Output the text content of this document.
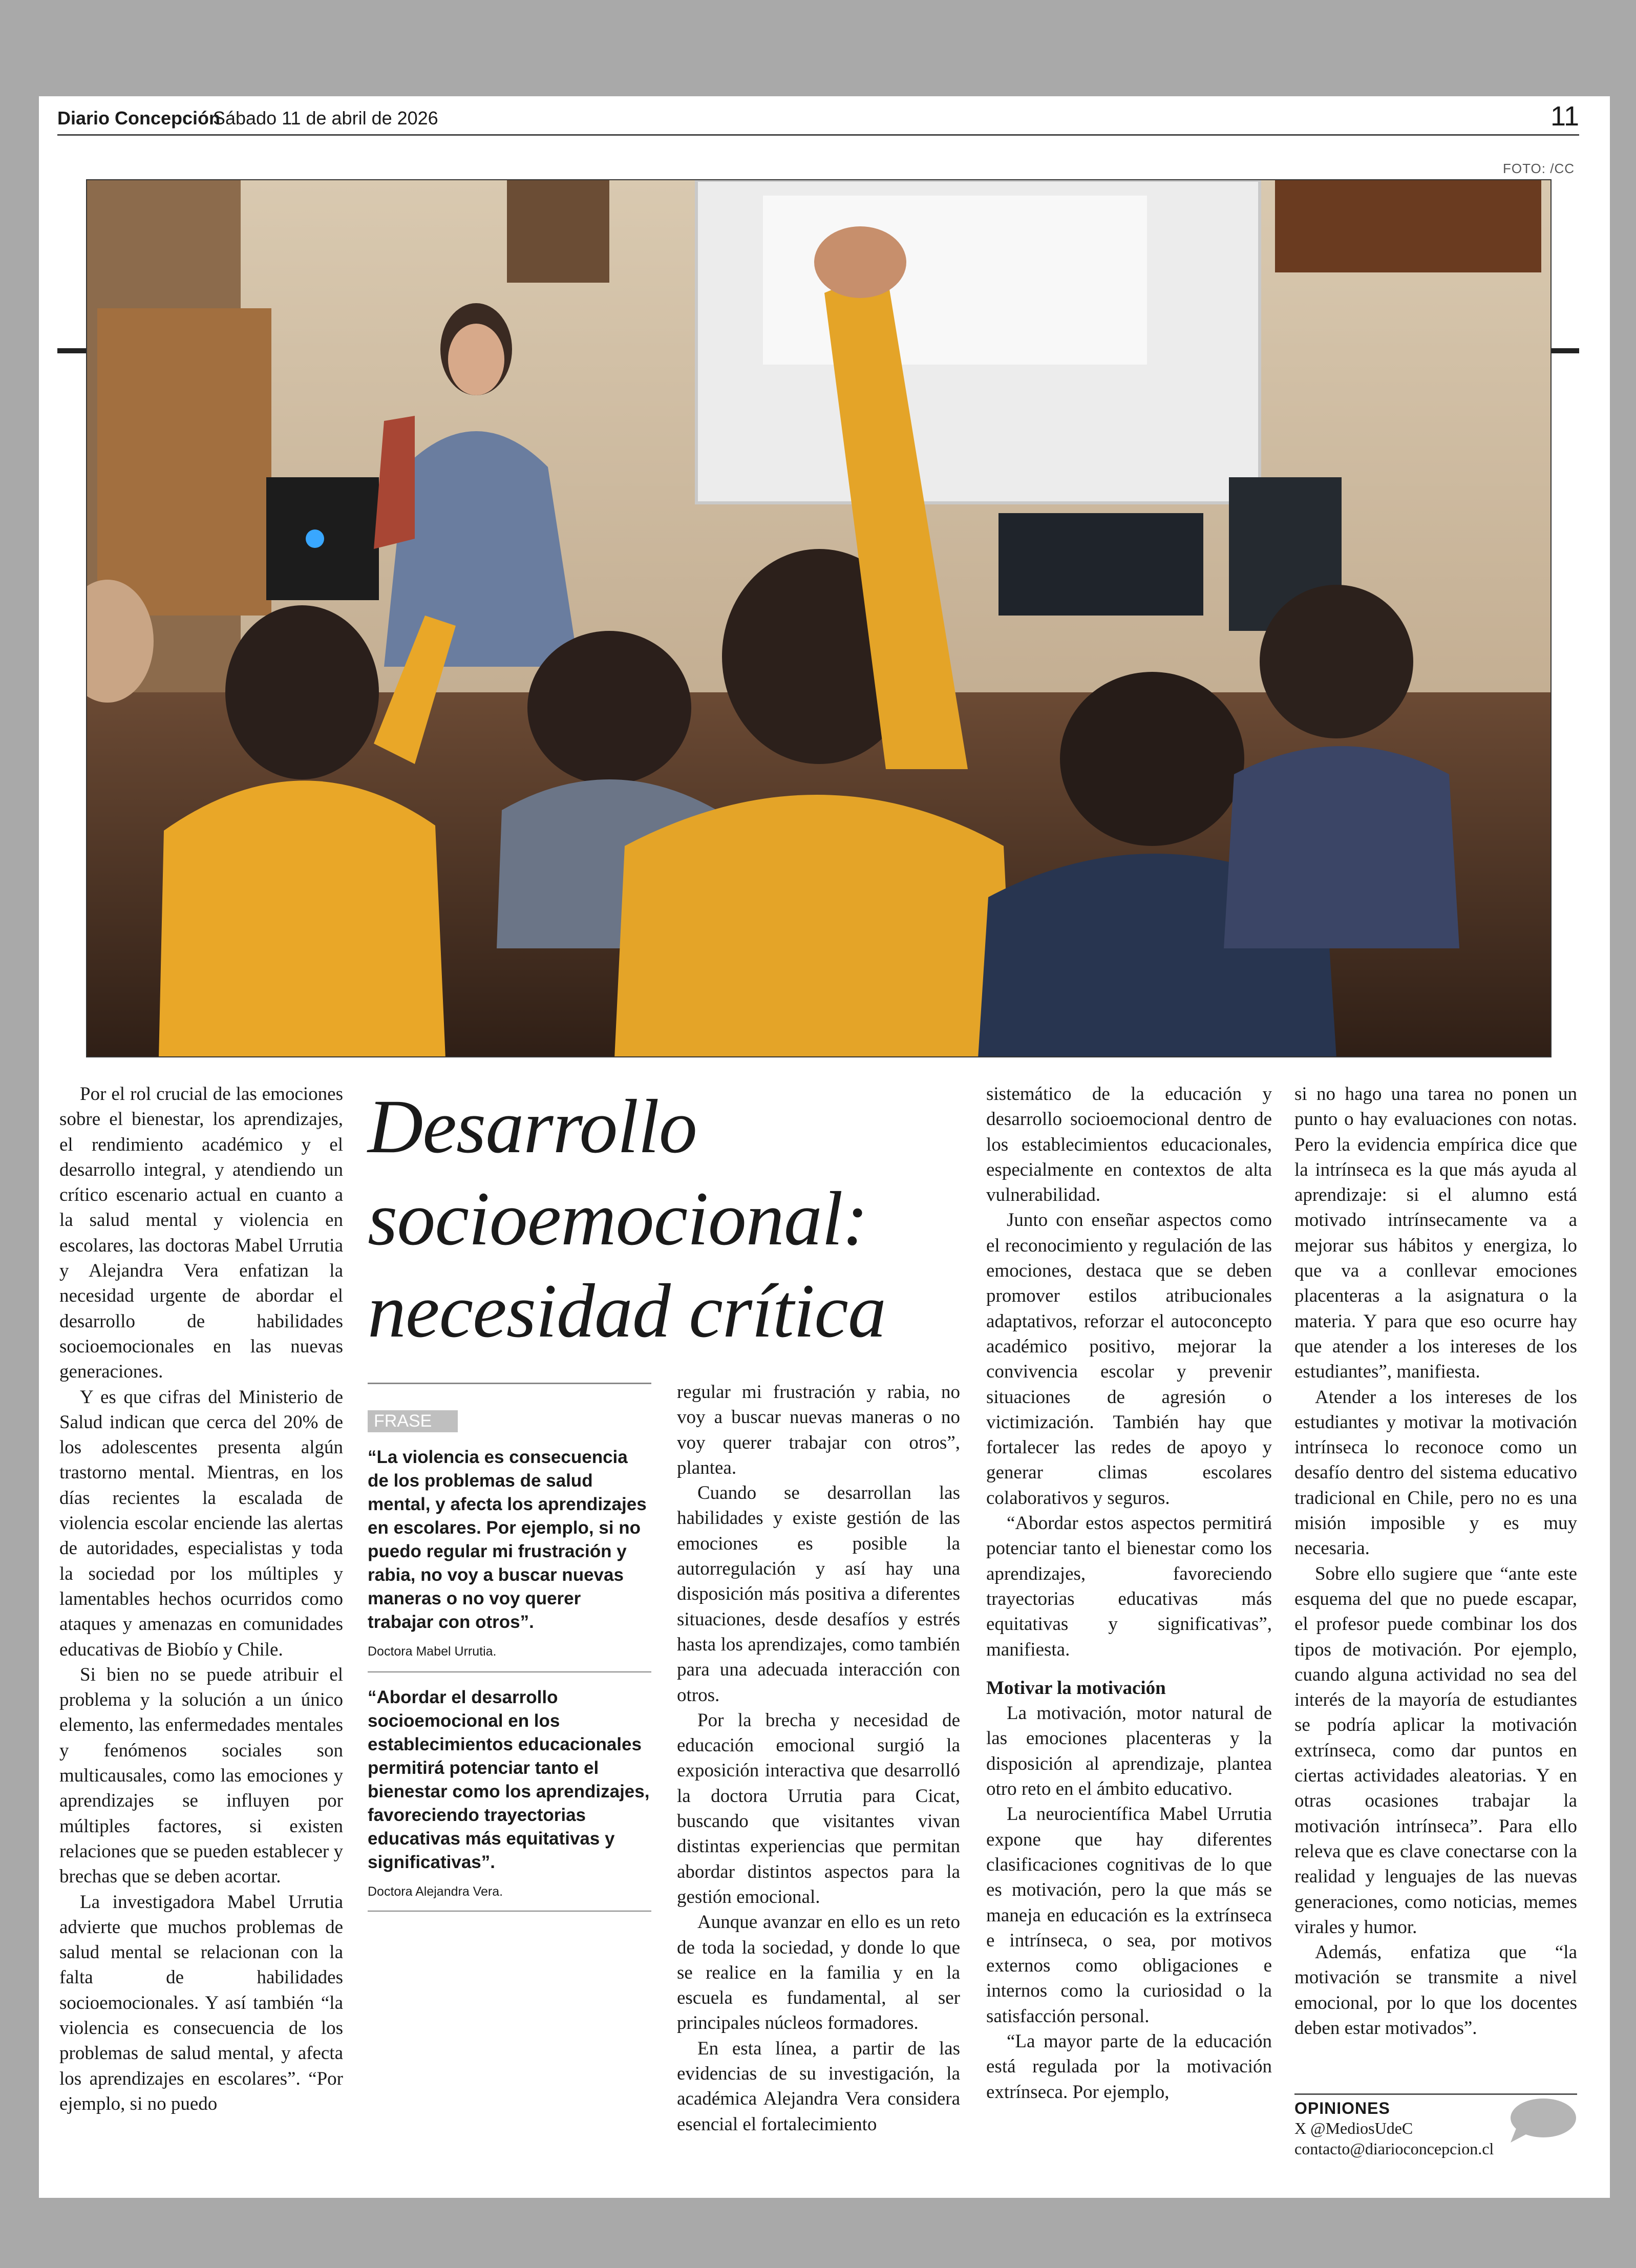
Diario Concepción
Sábado 11 de abril de 2026	11
FOTO: /CC

Por el rol crucial de las emociones sobre el bienestar, los aprendizajes, el rendimiento académico y el desarrollo integral, y atendiendo un crítico escenario actual en cuanto a la salud mental y violencia en escolares, las doctoras Mabel Urrutia y Alejandra Vera enfatizan la necesidad urgente de abordar el desarrollo de habilidades socioemocionales en las nuevas generaciones.

Y es que cifras del Ministerio de Salud indican que cerca del 20% de los adolescentes presenta algún trastorno mental. Mientras, en los días recientes la escalada de violencia escolar enciende las alertas de autoridades, especialistas y toda la sociedad por los múltiples y lamentables hechos ocurridos como ataques y amenazas en comunidades educativas de Biobío y Chile.

Si bien no se puede atribuir el problema y la solución a un único elemento, las enfermedades mentales y fenómenos sociales son multicausales, como las emociones y aprendizajes se influyen por múltiples factores, si existen relaciones que se pueden establecer y brechas que se deben acortar.

La investigadora Mabel Urrutia advierte que muchos problemas de salud mental se relacionan con la falta de habilidades socioemocionales. Y así también “la violencia es consecuencia de los problemas de salud mental, y afecta los aprendizajes en escolares”. “Por ejemplo, si no puedo

Desarrollo socioemocional: necesidad crítica
FRASE
“La violencia es consecuencia de los problemas de salud mental, y afecta los aprendizajes en escolares. Por ejemplo, si no puedo regular mi frustración y rabia, no voy a buscar nuevas maneras o no voy querer trabajar con otros”.
Doctora Mabel Urrutia.
“Abordar el desarrollo socioemocional en los establecimientos educacionales permitirá potenciar tanto el bienestar como los aprendizajes, favoreciendo trayectorias educativas más equitativas y significativas”.
Doctora Alejandra Vera.

regular mi frustración y rabia, no voy a buscar nuevas maneras o no voy querer trabajar con otros”, plantea.

Cuando se desarrollan las habilidades y existe gestión de las emociones es posible la autorregulación y así hay una disposición más positiva a diferentes situaciones, desde desafíos y estrés hasta los aprendizajes, como también para una adecuada interacción con otros.

Por la brecha y necesidad de educación emocional surgió la exposición interactiva que desarrolló la doctora Urrutia para Cicat, buscando que visitantes vivan distintas experiencias que permitan abordar distintos aspectos para la gestión emocional.

Aunque avanzar en ello es un reto de toda la sociedad, y donde lo que se realice en la familia y en la escuela es fundamental, al ser principales núcleos formadores.

En esta línea, a partir de las evidencias de su investigación, la académica Alejandra Vera considera esencial el fortalecimiento

sistemático de la educación y desarrollo socioemocional dentro de los establecimientos educacionales, especialmente en contextos de alta vulnerabilidad.

Junto con enseñar aspectos como el reconocimiento y regulación de las emociones, destaca que se deben promover estilos atribucionales adaptativos, reforzar el autoconcepto académico positivo, mejorar la convivencia escolar y prevenir situaciones de agresión o victimización. También hay que fortalecer las redes de apoyo y generar climas escolares colaborativos y seguros.

“Abordar estos aspectos permitirá potenciar tanto el bienestar como los aprendizajes, favoreciendo trayectorias educativas más equitativas y significativas”, manifiesta.

Motivar la motivación

La motivación, motor natural de las emociones placenteras y la disposición al aprendizaje, plantea otro reto en el ámbito educativo.

La neurocientífica Mabel Urrutia expone que hay diferentes clasificaciones cognitivas de lo que es motivación, pero la que más se maneja en educación es la extrínseca e intrínseca, o sea, por motivos externos como obligaciones e internos como la curiosidad o la satisfacción personal.

“La mayor parte de la educación está regulada por la motivación extrínseca. Por ejemplo,

si no hago una tarea no ponen un punto o hay evaluaciones con notas. Pero la evidencia empírica dice que la intrínseca es la que más ayuda al aprendizaje: si el alumno está motivado intrínsecamente va a mejorar sus hábitos y energiza, lo que va a conllevar emociones placenteras a la asignatura o la materia. Y para que eso ocurre hay que atender a los intereses de los estudiantes”, manifiesta.

Atender a los intereses de los estudiantes y motivar la motivación intrínseca lo reconoce como un desafío dentro del sistema educativo tradicional en Chile, pero no es una misión imposible y es muy necesaria.

Sobre ello sugiere que “ante este esquema del que no puede escapar, el profesor puede combinar los dos tipos de motivación. Por ejemplo, cuando alguna actividad no sea del interés de la mayoría de estudiantes se podría aplicar la motivación extrínseca, como dar puntos en ciertas actividades aleatorias. Y en otras ocasiones trabajar la motivación intrínseca”. Para ello releva que es clave conectarse con la realidad y lenguajes de las nuevas generaciones, como noticias, memes virales y humor.

Además, enfatiza que “la motivación se transmite a nivel emocional, por lo que los docentes deben estar motivados”.

OPINIONES
X @MediosUdeC
contacto@diarioconcepcion.cl
